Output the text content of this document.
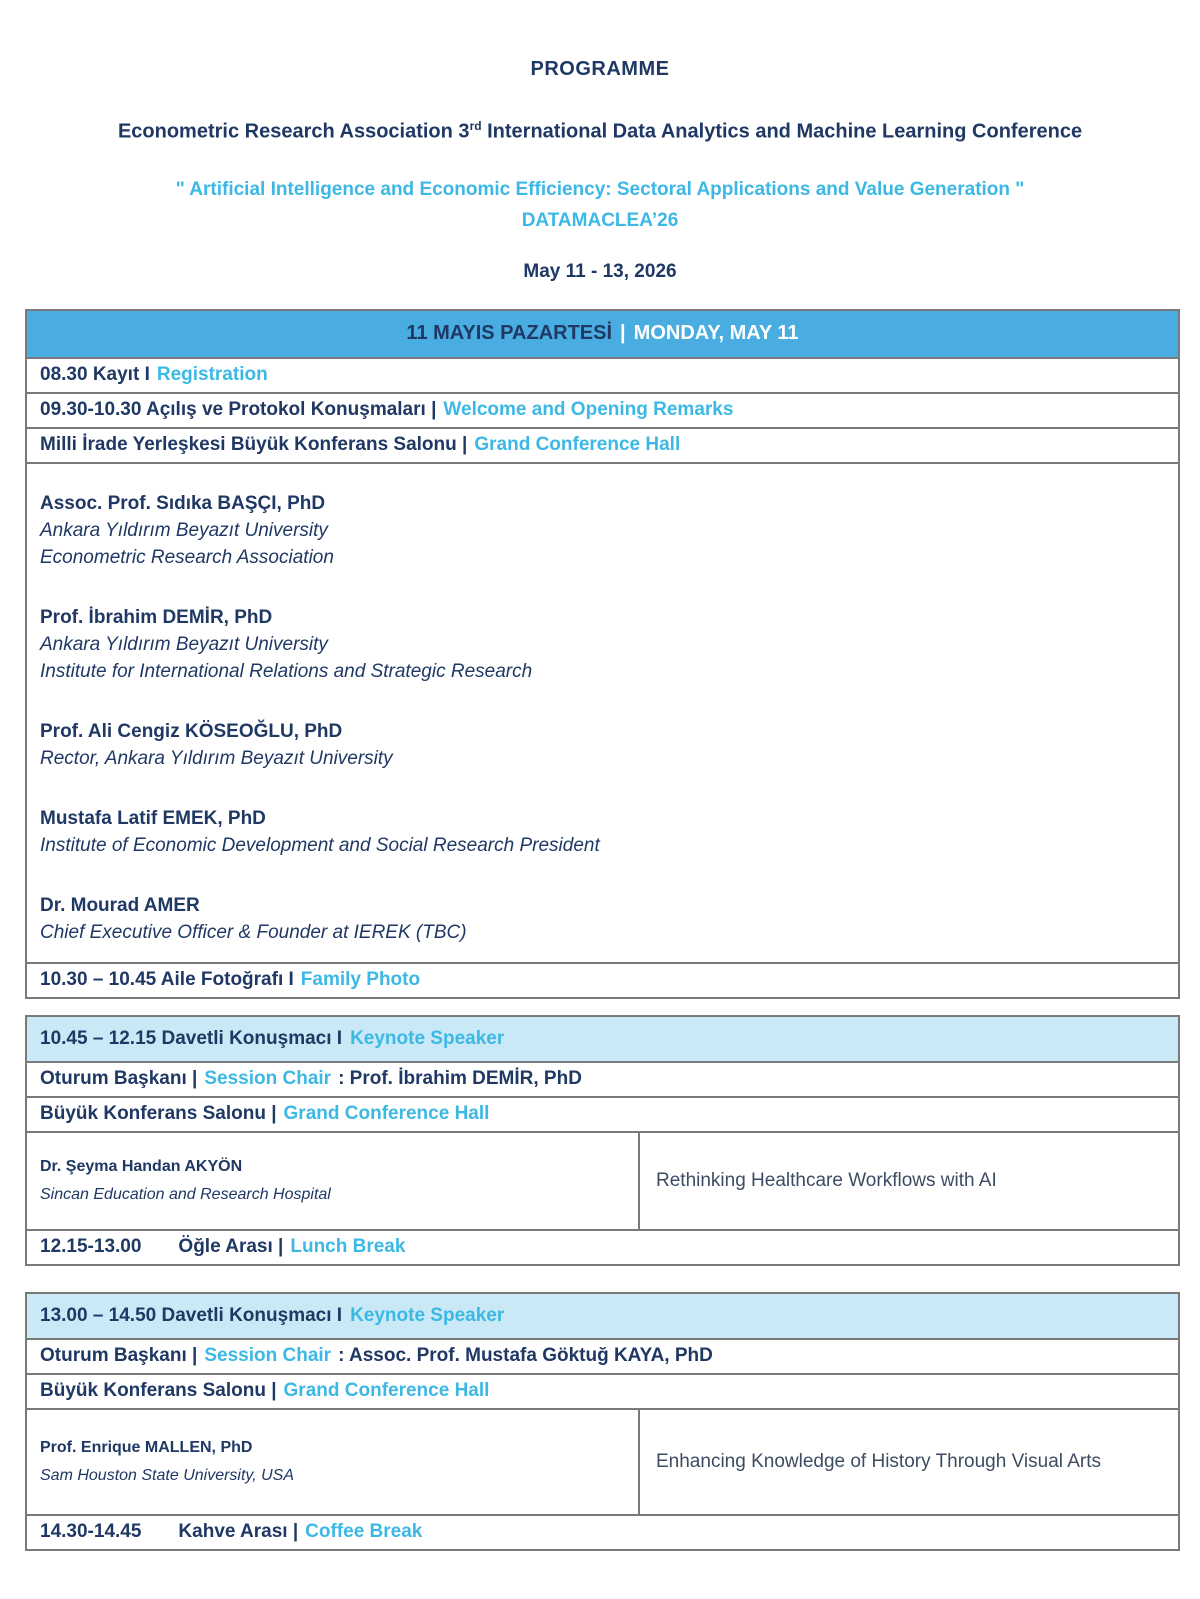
PROGRAMME
Econometric Research Association 3rd International Data Analytics and Machine Learning Conference
" Artificial Intelligence and Economic Efficiency: Sectoral Applications and Value Generation "
DATAMACLEA’26
May 11 - 13, 2026
11 MAYIS PAZARTESİ | MONDAY, MAY 11
08.30 Kayıt I Registration
09.30-10.30 Açılış ve Protokol Konuşmaları | Welcome and Opening Remarks
Milli İrade Yerleşkesi Büyük Konferans Salonu | Grand Conference Hall
Assoc. Prof. Sıdıka BAŞÇI, PhD
Ankara Yıldırım Beyazıt University
Econometric Research Association
Prof. İbrahim DEMİR, PhD
Ankara Yıldırım Beyazıt University
Institute for International Relations and Strategic Research
Prof. Ali Cengiz KÖSEOĞLU, PhD
Rector, Ankara Yıldırım Beyazıt University
Mustafa Latif EMEK, PhD
Institute of Economic Development and Social Research President
Dr. Mourad AMER
Chief Executive Officer & Founder at IEREK (TBC)
10.30 – 10.45 Aile Fotoğrafı I Family Photo
10.45 – 12.15 Davetli Konuşmacı I Keynote Speaker
Oturum Başkanı | Session Chair : Prof. İbrahim DEMİR, PhD
Büyük Konferans Salonu | Grand Conference Hall
Dr. Şeyma Handan AKYÖN
Sincan Education and Research Hospital
Rethinking Healthcare Workflows with AI
12.15-13.00 Öğle Arası | Lunch Break
13.00 – 14.50 Davetli Konuşmacı I Keynote Speaker
Oturum Başkanı | Session Chair : Assoc. Prof. Mustafa Göktuğ KAYA, PhD
Büyük Konferans Salonu | Grand Conference Hall
Prof. Enrique MALLEN, PhD
Sam Houston State University, USA
Enhancing Knowledge of History Through Visual Arts
14.30-14.45 Kahve Arası | Coffee Break
